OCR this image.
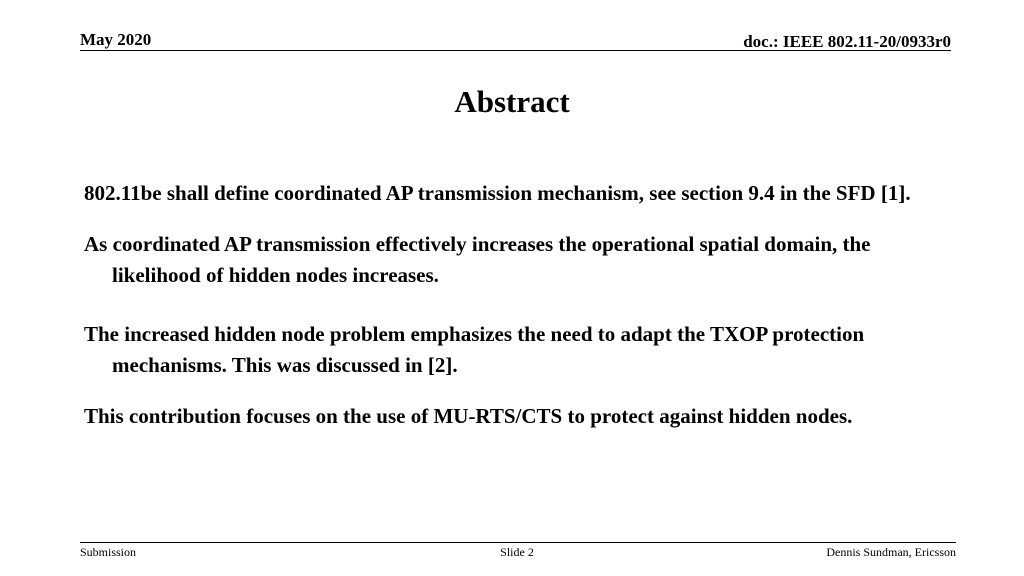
May 2020	doc.: IEEE 802.11-20/0933r0
Abstract

802.11be shall define coordinated AP transmission mechanism, see section 9.4 in the SFD [1].

As coordinated AP transmission effectively increases the operational spatial domain, the likelihood of hidden nodes increases.

The increased hidden node problem emphasizes the need to adapt the TXOP protection mechanisms. This was discussed in [2].

This contribution focuses on the use of MU-RTS/CTS to protect against hidden nodes.

Submission	Slide 2	Dennis Sundman, Ericsson
